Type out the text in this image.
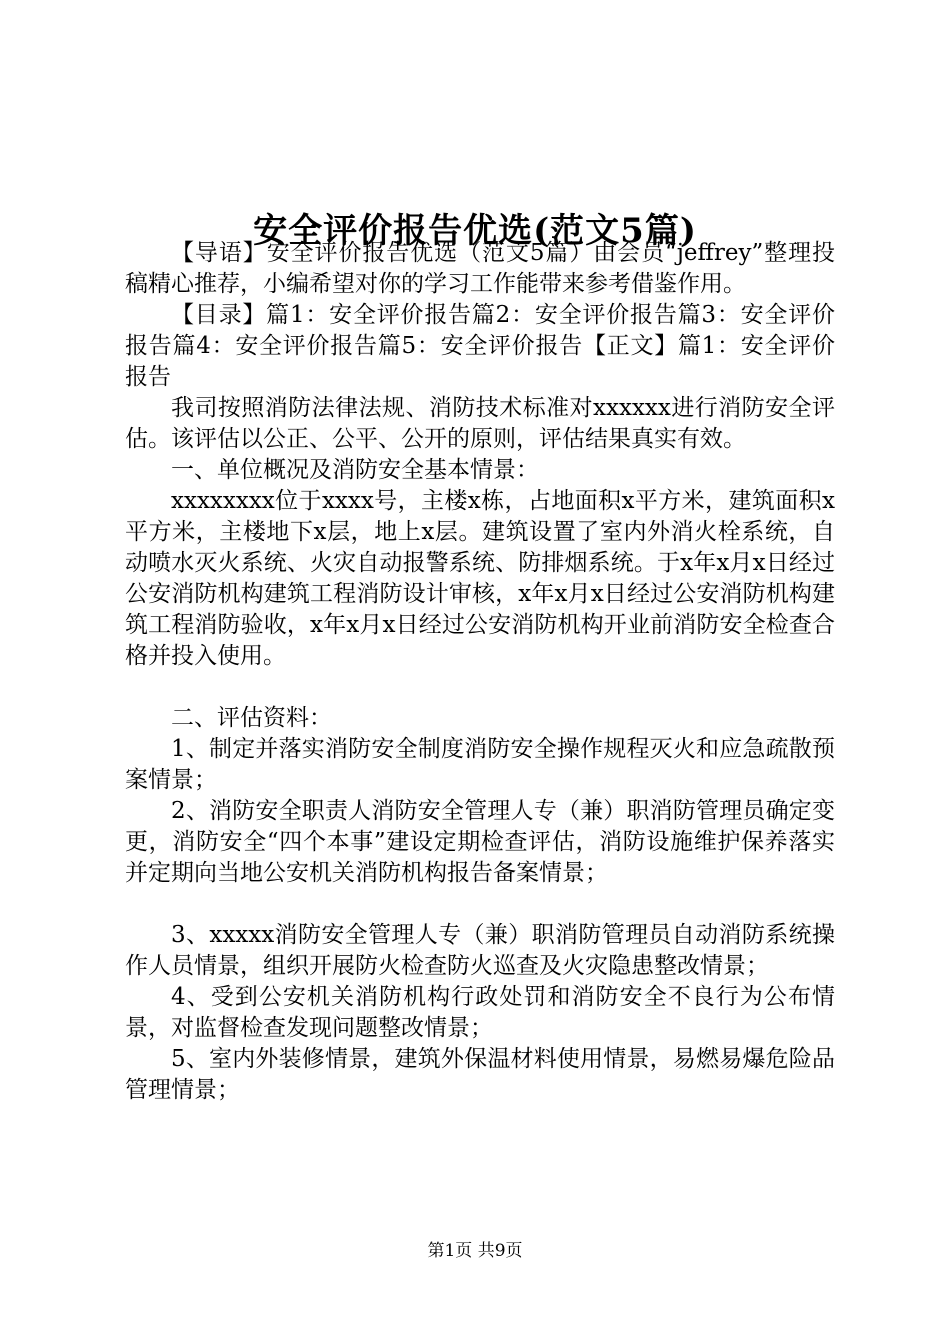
安全评价报告优选(范文5篇)

【导语】安全评价报告优选（范文5篇）由会员“jeffrey”整理投稿精心推荐，小编希望对你的学习工作能带来参考借鉴作用。

【目录】篇1：安全评价报告篇2：安全评价报告篇3：安全评价报告篇4：安全评价报告篇5：安全评价报告【正文】篇1：安全评价报告

我司按照消防法律法规、消防技术标准对xxxxxx进行消防安全评估。该评估以公正、公平、公开的原则，评估结果真实有效。

一、单位概况及消防安全基本情景：

xxxxxxxx位于xxxx号，主楼x栋，占地面积x平方米，建筑面积x平方米，主楼地下x层，地上x层。建筑设置了室内外消火栓系统，自动喷水灭火系统、火灾自动报警系统、防排烟系统。于x年x月x日经过公安消防机构建筑工程消防设计审核，x年x月x日经过公安消防机构建筑工程消防验收，x年x月x日经过公安消防机构开业前消防安全检查合格并投入使用。

二、评估资料：

1、制定并落实消防安全制度消防安全操作规程灭火和应急疏散预案情景；

2、消防安全职责人消防安全管理人专（兼）职消防管理员确定变更，消防安全“四个本事”建设定期检查评估，消防设施维护保养落实并定期向当地公安机关消防机构报告备案情景；

3、xxxxx消防安全管理人专（兼）职消防管理员自动消防系统操作人员情景，组织开展防火检查防火巡查及火灾隐患整改情景；

4、受到公安机关消防机构行政处罚和消防安全不良行为公布情景，对监督检查发现问题整改情景；

5、室内外装修情景，建筑外保温材料使用情景，易燃易爆危险品管理情景；

第1页 共9页
